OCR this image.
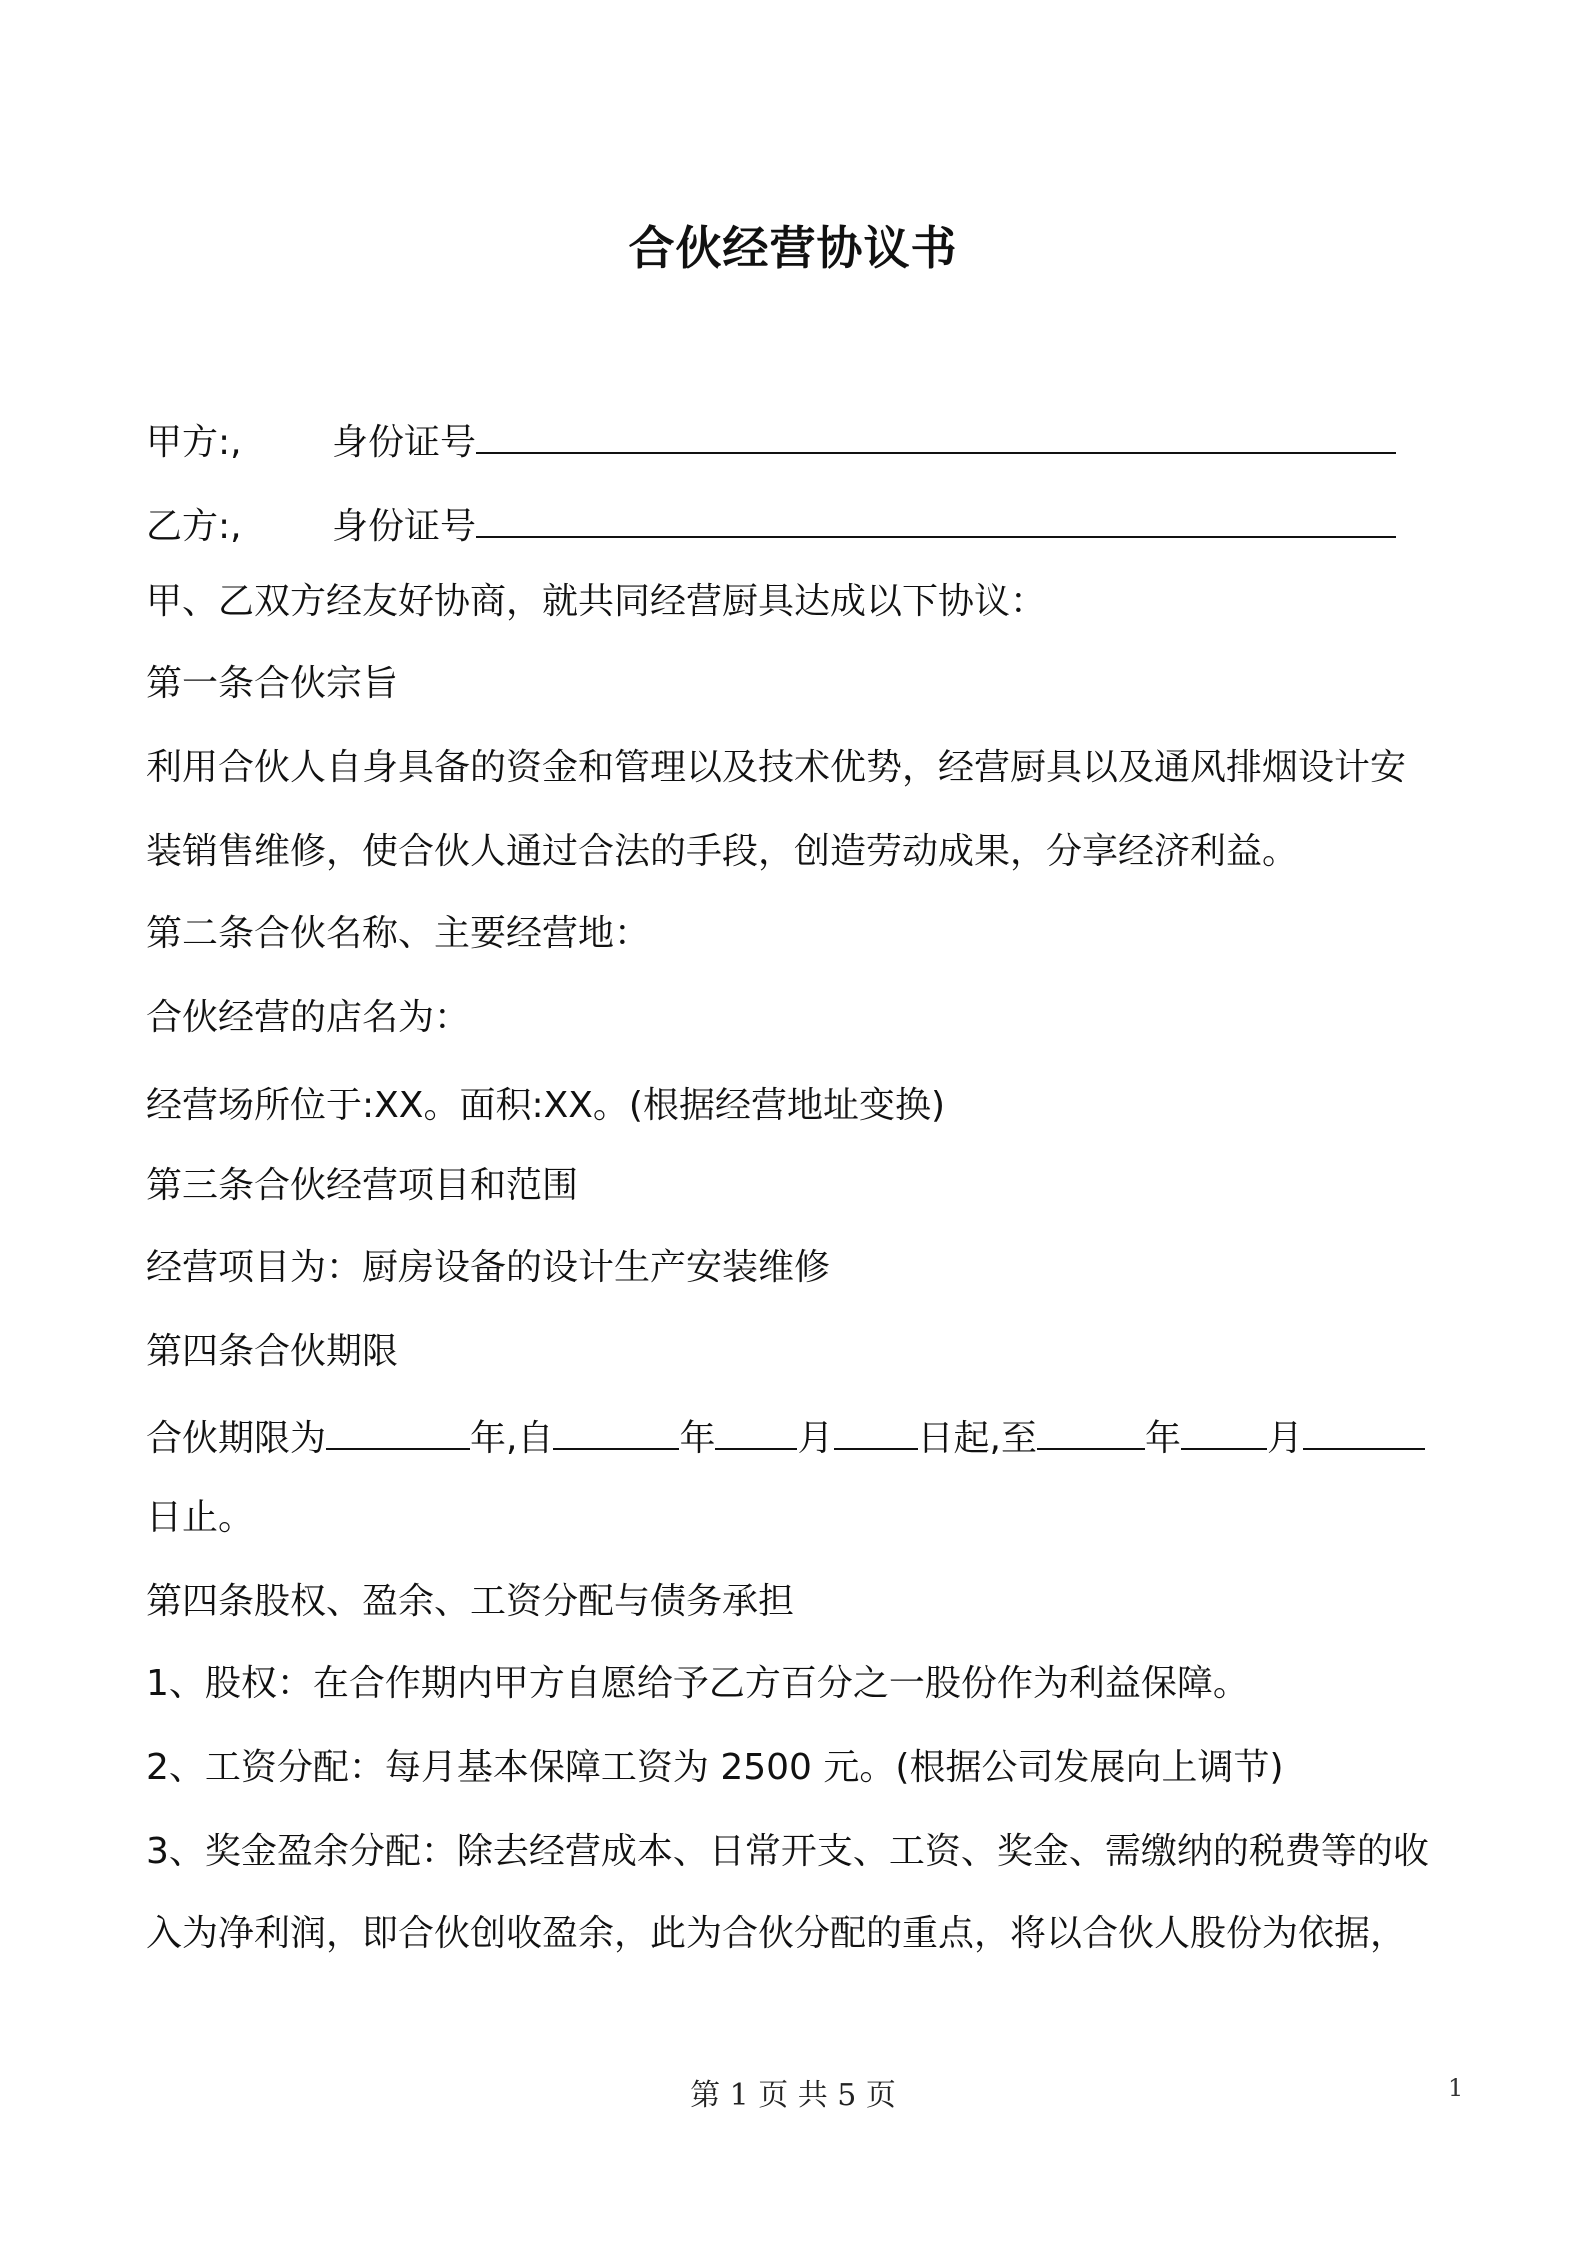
合伙经营协议书
甲方:,	身份证号
乙方:,	身份证号
甲、乙双方经友好协商，就共同经营厨具达成以下协议：
第一条合伙宗旨
利用合伙人自身具备的资金和管理以及技术优势，经营厨具以及通风排烟设计安
装销售维修，使合伙人通过合法的手段，创造劳动成果，分享经济利益。
第二条合伙名称、主要经营地：
合伙经营的店名为：
经营场所位于:XX。面积:XX。(根据经营地址变换)
第三条合伙经营项目和范围
经营项目为：厨房设备的设计生产安装维修
第四条合伙期限
合伙期限为	年,自	年 月 日起,至	年 月
日止。
第四条股权、盈余、工资分配与债务承担
1、股权：在合作期内甲方自愿给予乙方百分之一股份作为利益保障。
2、工资分配：每月基本保障工资为 2500 元。(根据公司发展向上调节)
3、奖金盈余分配：除去经营成本、日常开支、工资、奖金、需缴纳的税费等的收
入为净利润，即合伙创收盈余，此为合伙分配的重点，将以合伙人股份为依据，
第 1 页 共 5 页	1
